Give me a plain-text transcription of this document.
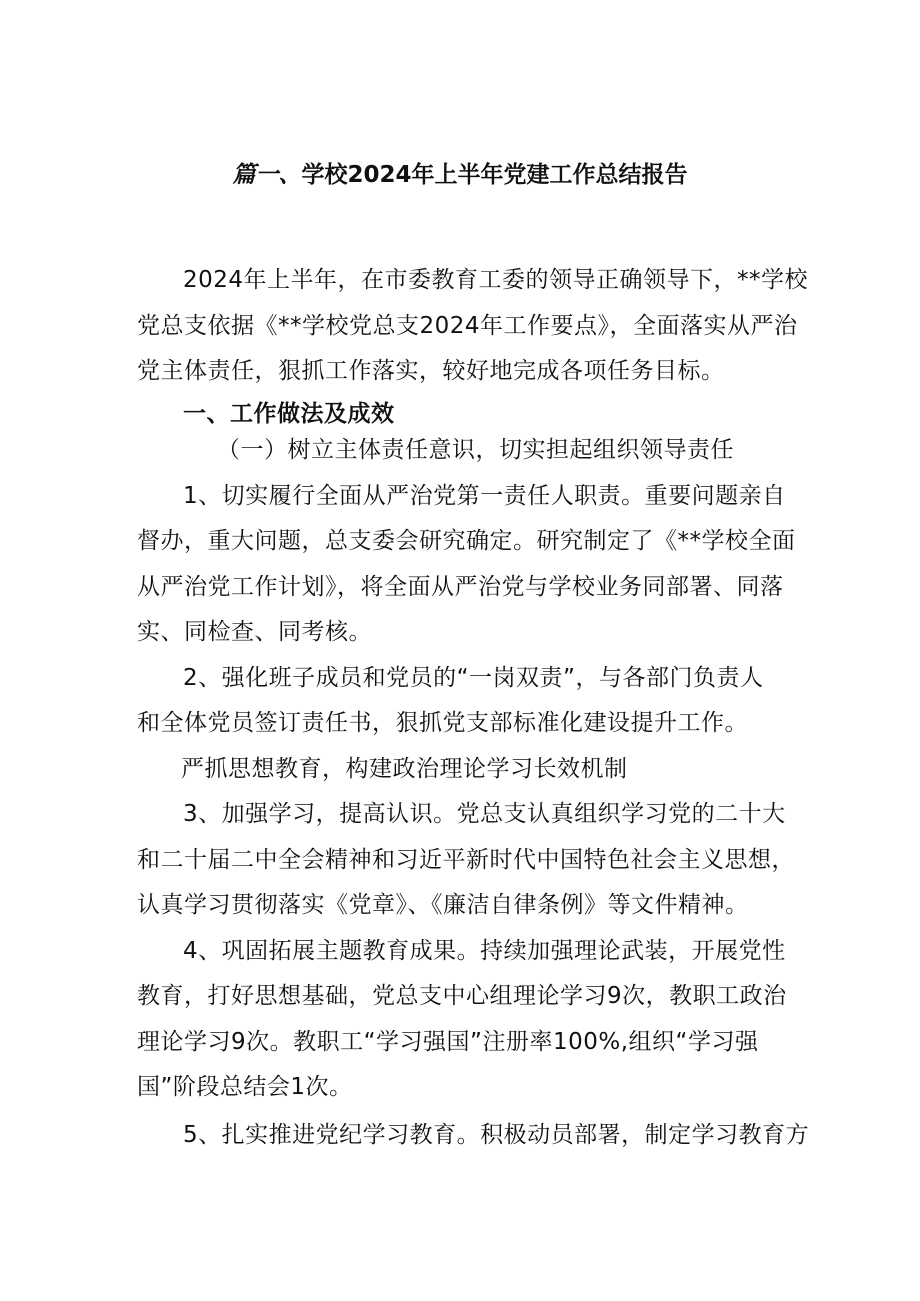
篇一、学校2024年上半年党建工作总结报告
2024年上半年，在市委教育工委的领导正确领导下，**学校
党总支依据《**学校党总支2024年工作要点》，全面落实从严治
党主体责任，狠抓工作落实，较好地完成各项任务目标。
一、工作做法及成效
（一）树立主体责任意识，切实担起组织领导责任
1、切实履行全面从严治党第一责任人职责。重要问题亲自
督办，重大问题，总支委会研究确定。研究制定了《**学校全面
从严治党工作计划》，将全面从严治党与学校业务同部署、同落
实、同检查、同考核。
2、强化班子成员和党员的“一岗双责”，与各部门负责人
和全体党员签订责任书，狠抓党支部标准化建设提升工作。
严抓思想教育，构建政治理论学习长效机制
3、加强学习，提高认识。党总支认真组织学习党的二十大
和二十届二中全会精神和习近平新时代中国特色社会主义思想，
认真学习贯彻落实《党章》、《廉洁自律条例》等文件精神。
4、巩固拓展主题教育成果。持续加强理论武装，开展党性
教育，打好思想基础，党总支中心组理论学习9次，教职工政治
理论学习9次。教职工“学习强国”注册率100%,组织“学习强
国”阶段总结会1次。
5、扎实推进党纪学习教育。积极动员部署，制定学习教育方
